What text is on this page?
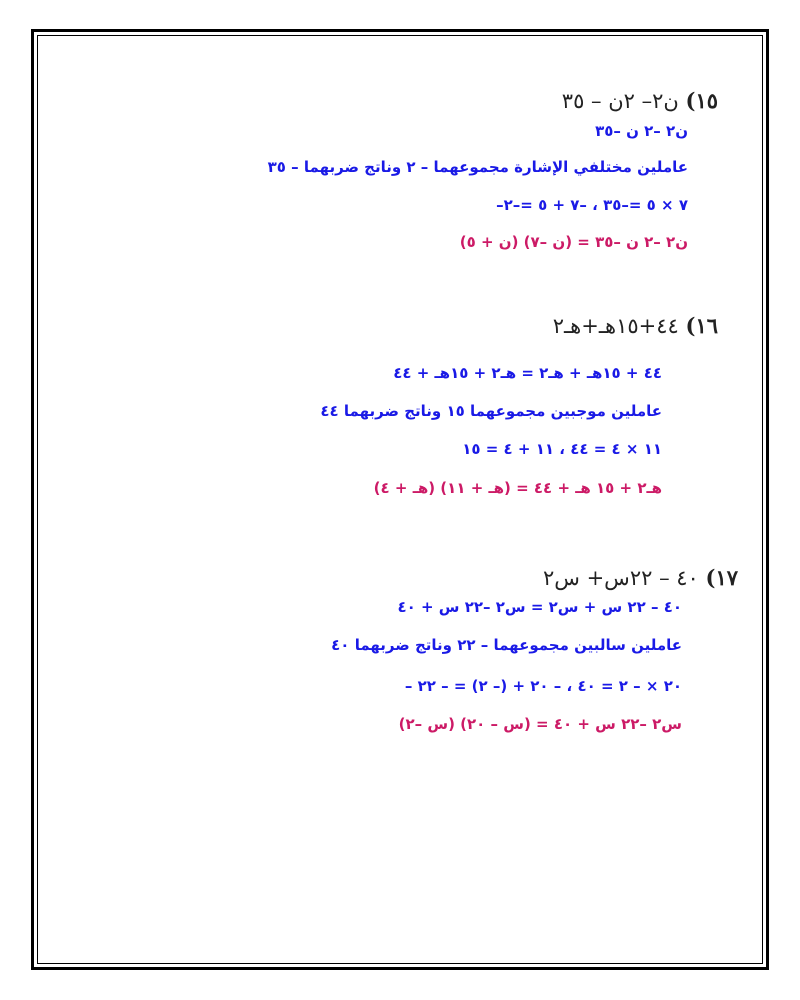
١٥) ن٢– ٢ن – ٣٥
ن٢ –٢ ن –٣٥
عاملين مختلفي الإشارة مجموعهما – ٢ وناتج ضربهما – ٣٥
–٧ × ٥ =–٣٥ ، –٧ + ٥ =–٢
ن٢ –٢ ن –٣٥ = (ن –٧) (ن + ٥)
١٦) ٤٤+١٥هـ+هـ٢
٤٤ + ١٥هـ + هـ٢ = هـ٢ + ١٥هـ + ٤٤
عاملين موجبين مجموعهما ١٥ وناتج ضربهما ٤٤
١١ × ٤ = ٤٤ ، ١١ + ٤ = ١٥
هـ٢ + ١٥ هـ + ٤٤ = (هـ + ١١) (هـ + ٤)
١٧) ٤٠ – ٢٢س+ س٢
٤٠ – ٢٢ س + س٢ = س٢ –٢٢ س + ٤٠
عاملين سالبين مجموعهما – ٢٢ وناتج ضربهما ٤٠
– ٢٠ × – ٢ = ٤٠ ، – ٢٠ + (– ٢) = – ٢٢
س٢ –٢٢ س + ٤٠ = (س – ٢٠) (س –٢)
